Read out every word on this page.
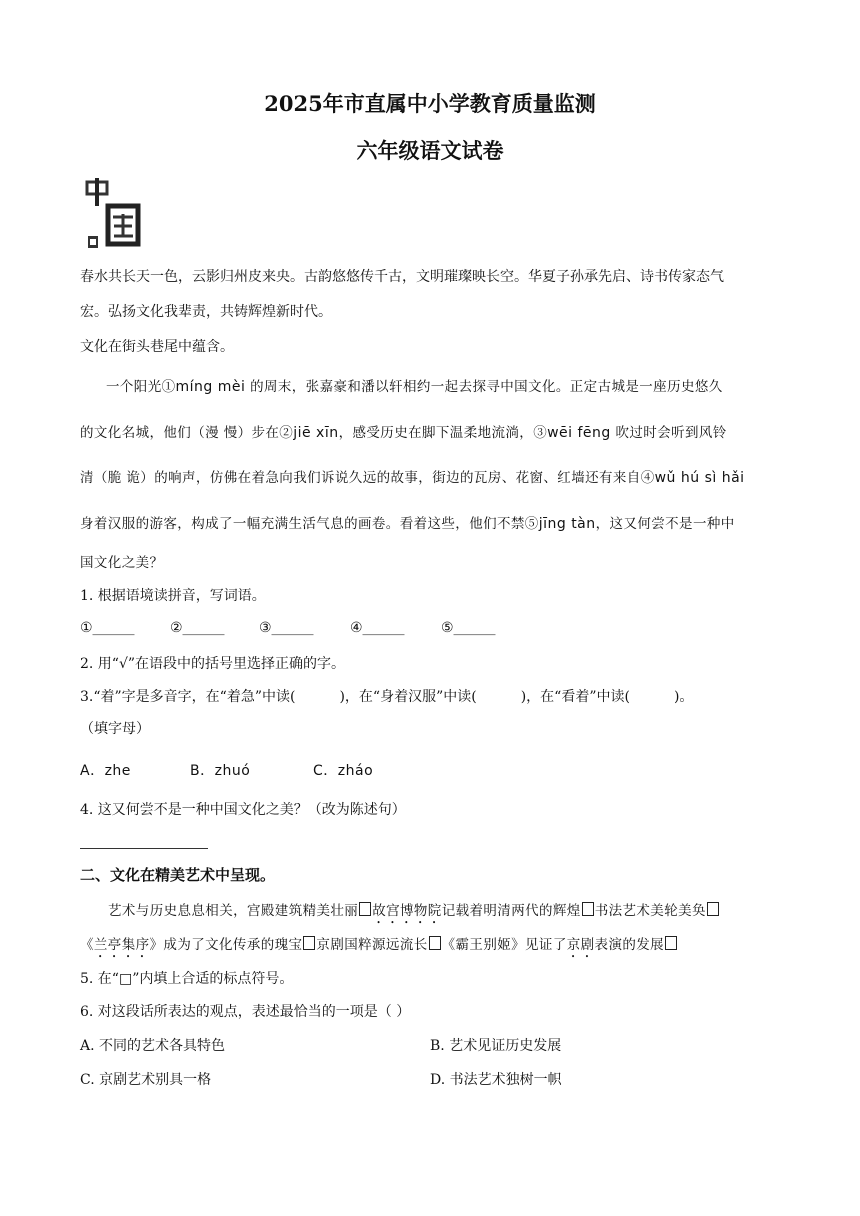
2025年市直属中小学教育质量监测
六年级语文试卷
春水共长天一色，云影归州皮来央。古韵悠悠传千古，文明璀璨映长空。华夏子孙承先启、诗书传家态气
宏。弘扬文化我辈责，共铸辉煌新时代。
文化在街头巷尾中蕴含。
一个阳光①míng mèi 的周末，张嘉豪和潘以轩相约一起去探寻中国文化。正定古城是一座历史悠久
的文化名城，他们（漫 慢）步在②jiē xīn，感受历史在脚下温柔地流淌，③wēi fēng 吹过时会听到风铃
清（脆 诡）的响声，仿佛在着急向我们诉说久远的故事，街边的瓦房、花窗、红墙还有来自④wǔ hú sì hǎi
身着汉服的游客，构成了一幅充满生活气息的画卷。看着这些，他们不禁⑤jīng tàn，这又何尝不是一种中
国文化之美？
1. 根据语境读拼音，写词语。
①______	②______ ③______	④______	⑤______
2. 用“√”在语段中的括号里选择正确的字。
3.“着”字是多音字，在“着急”中读(	)，在“身着汉服”中读(	)，在“看着”中读(	)。
（填字母）
A．zhe	B．zhuó	C．zháo
4. 这又何尝不是一种中国文化之美？（改为陈述句）
二、文化在精美艺术中呈现。
艺术与历史息息相关，宫殿建筑精美壮丽 故宫博物院记载着明清两代的辉煌 书法艺术美轮美奂
《兰亭集序》成为了文化传承的瑰宝 京剧国粹源远流长 《霸王别姬》见证了京剧表演的发展
5. 在“□”内填上合适的标点符号。
6. 对这段话所表达的观点，表述最恰当的一项是（ ）
A. 不同的艺术各具特色	B. 艺术见证历史发展
C. 京剧艺术别具一格	D. 书法艺术独树一帜
